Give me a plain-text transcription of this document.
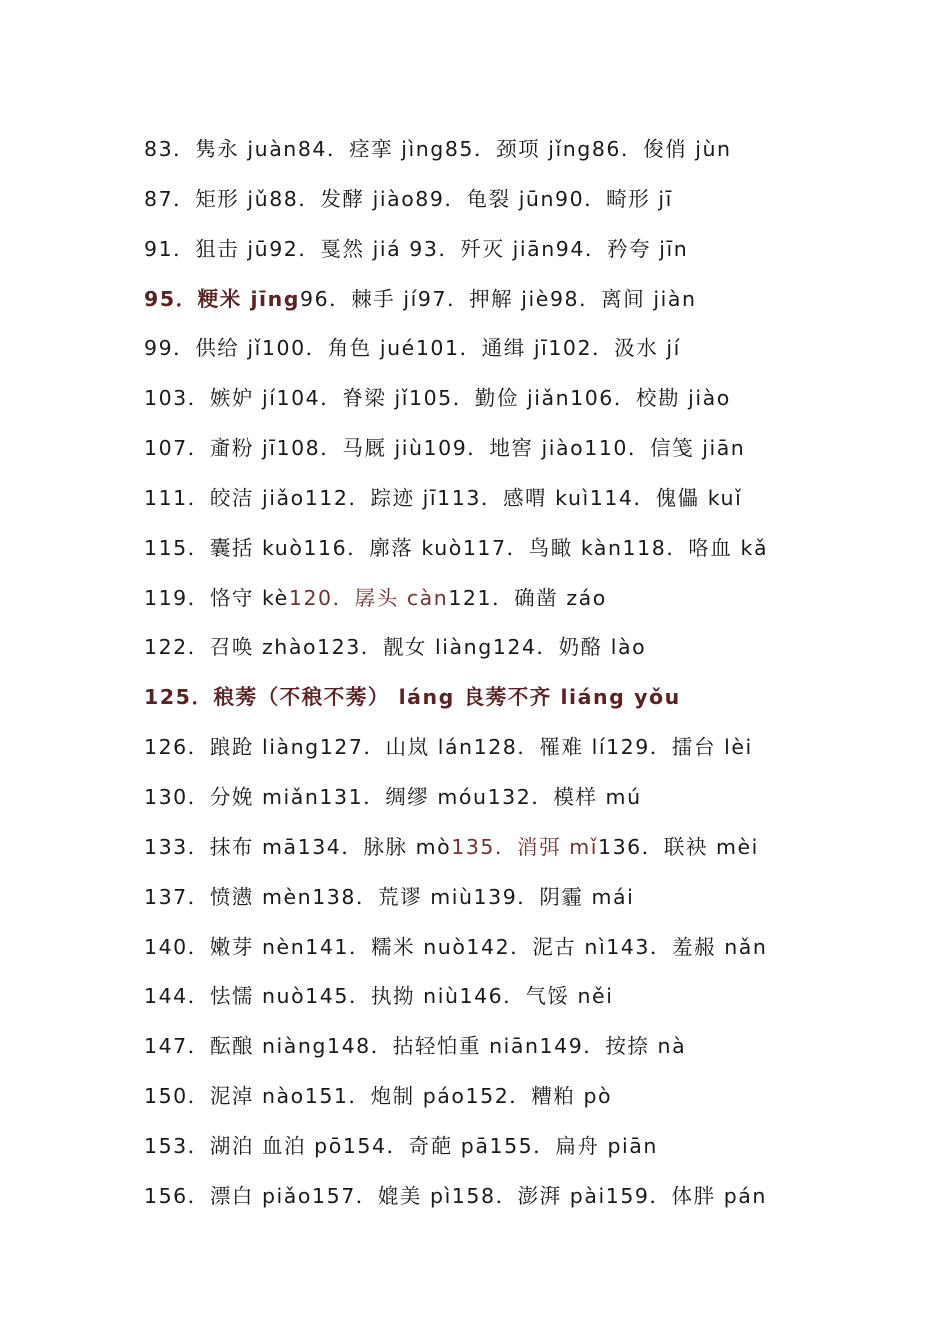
83．隽永 juàn84．痉挛 jìng85．颈项 jǐng86．俊俏 jùn
87．矩形 jǔ88．发酵 jiào89．龟裂 jūn90．畸形 jī
91．狙击 jū92．戛然 jiá 93．歼灭 jiān94．矜夸 jīn
95．粳米 jīng96．棘手 jí97．押解 jiè98．离间 jiàn
99．供给 jǐ100．角色 jué101．通缉 jī102．汲水 jí
103．嫉妒 jí104．脊梁 jǐ105．勤俭 jiǎn106．校勘 jiào
107．齑粉 jī108．马厩 jiù109．地窖 jiào110．信笺 jiān
111．皎洁 jiǎo112．踪迹 jī113．感喟 kuì114．傀儡 kuǐ
115．囊括 kuò116．廓落 kuò117．鸟瞰 kàn118．咯血 kǎ
119．恪守 kè120．孱头 càn121．确凿 záo
122．召唤 zhào123．靓女 liàng124．奶酪 lào
125．稂莠（不稂不莠） láng 良莠不齐 liáng yǒu
126．踉跄 liàng127．山岚 lán128．罹难 lí129．擂台 lèi
130．分娩 miǎn131．绸缪 móu132．模样 mú
133．抹布 mā134．脉脉 mò135．消弭 mǐ136．联袂 mèi
137．愤懑 mèn138．荒谬 miù139．阴霾 mái
140．嫩芽 nèn141．糯米 nuò142．泥古 nì143．羞赧 nǎn
144．怯懦 nuò145．执拗 niù146．气馁 něi
147．酝酿 niàng148．拈轻怕重 niān149．按捺 nà
150．泥淖 nào151．炮制 páo152．糟粕 pò
153．湖泊 血泊 pō154．奇葩 pā155．扁舟 piān
156．漂白 piǎo157．媲美 pì158．澎湃 pài159．体胖 pán
